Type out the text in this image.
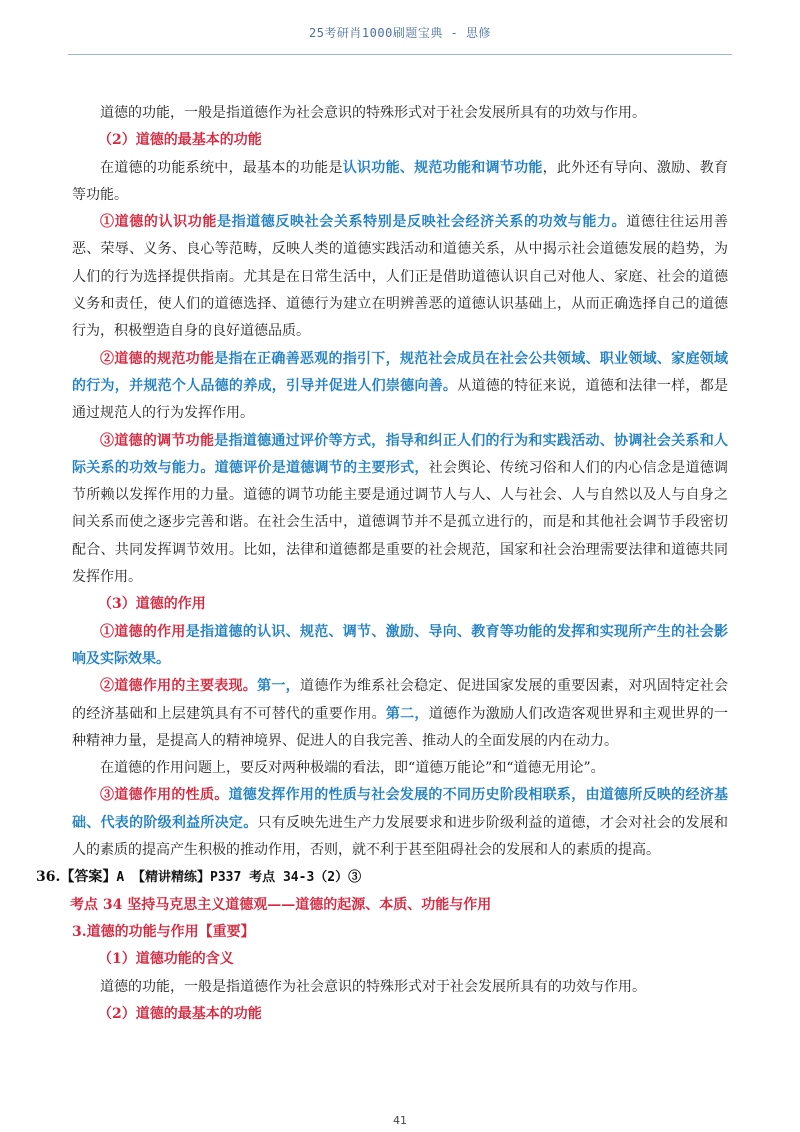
25考研肖1000刷题宝典 - 思修

道德的功能，一般是指道德作为社会意识的特殊形式对于社会发展所具有的功效与作用。

（2）道德的最基本的功能

在道德的功能系统中，最基本的功能是认识功能、规范功能和调节功能，此外还有导向、激励、教育等功能。

①道德的认识功能是指道德反映社会关系特别是反映社会经济关系的功效与能力。道德往往运用善恶、荣辱、义务、良心等范畴，反映人类的道德实践活动和道德关系，从中揭示社会道德发展的趋势，为人们的行为选择提供指南。尤其是在日常生活中，人们正是借助道德认识自己对他人、家庭、社会的道德义务和责任，使人们的道德选择、道德行为建立在明辨善恶的道德认识基础上，从而正确选择自己的道德行为，积极塑造自身的良好道德品质。

②道德的规范功能是指在正确善恶观的指引下，规范社会成员在社会公共领域、职业领域、家庭领域的行为，并规范个人品德的养成，引导并促进人们崇德向善。从道德的特征来说，道德和法律一样，都是通过规范人的行为发挥作用。

③道德的调节功能是指道德通过评价等方式，指导和纠正人们的行为和实践活动、协调社会关系和人际关系的功效与能力。道德评价是道德调节的主要形式，社会舆论、传统习俗和人们的内心信念是道德调节所赖以发挥作用的力量。道德的调节功能主要是通过调节人与人、人与社会、人与自然以及人与自身之间关系而使之逐步完善和谐。在社会生活中，道德调节并不是孤立进行的，而是和其他社会调节手段密切配合、共同发挥调节效用。比如，法律和道德都是重要的社会规范，国家和社会治理需要法律和道德共同发挥作用。

（3）道德的作用

①道德的作用是指道德的认识、规范、调节、激励、导向、教育等功能的发挥和实现所产生的社会影响及实际效果。

②道德作用的主要表现。第一，道德作为维系社会稳定、促进国家发展的重要因素，对巩固特定社会的经济基础和上层建筑具有不可替代的重要作用。第二，道德作为激励人们改造客观世界和主观世界的一种精神力量，是提高人的精神境界、促进人的自我完善、推动人的全面发展的内在动力。

在道德的作用问题上，要反对两种极端的看法，即“道德万能论”和“道德无用论”。

③道德作用的性质。道德发挥作用的性质与社会发展的不同历史阶段相联系，由道德所反映的经济基础、代表的阶级利益所决定。只有反映先进生产力发展要求和进步阶级利益的道德，才会对社会的发展和人的素质的提高产生积极的推动作用，否则，就不利于甚至阻碍社会的发展和人的素质的提高。

36.【答案】A 【精讲精练】P337 考点 34-3（2）③

考点 34 坚持马克思主义道德观——道德的起源、本质、功能与作用

3.道德的功能与作用【重要】

（1）道德功能的含义

道德的功能，一般是指道德作为社会意识的特殊形式对于社会发展所具有的功效与作用。

（2）道德的最基本的功能

41
